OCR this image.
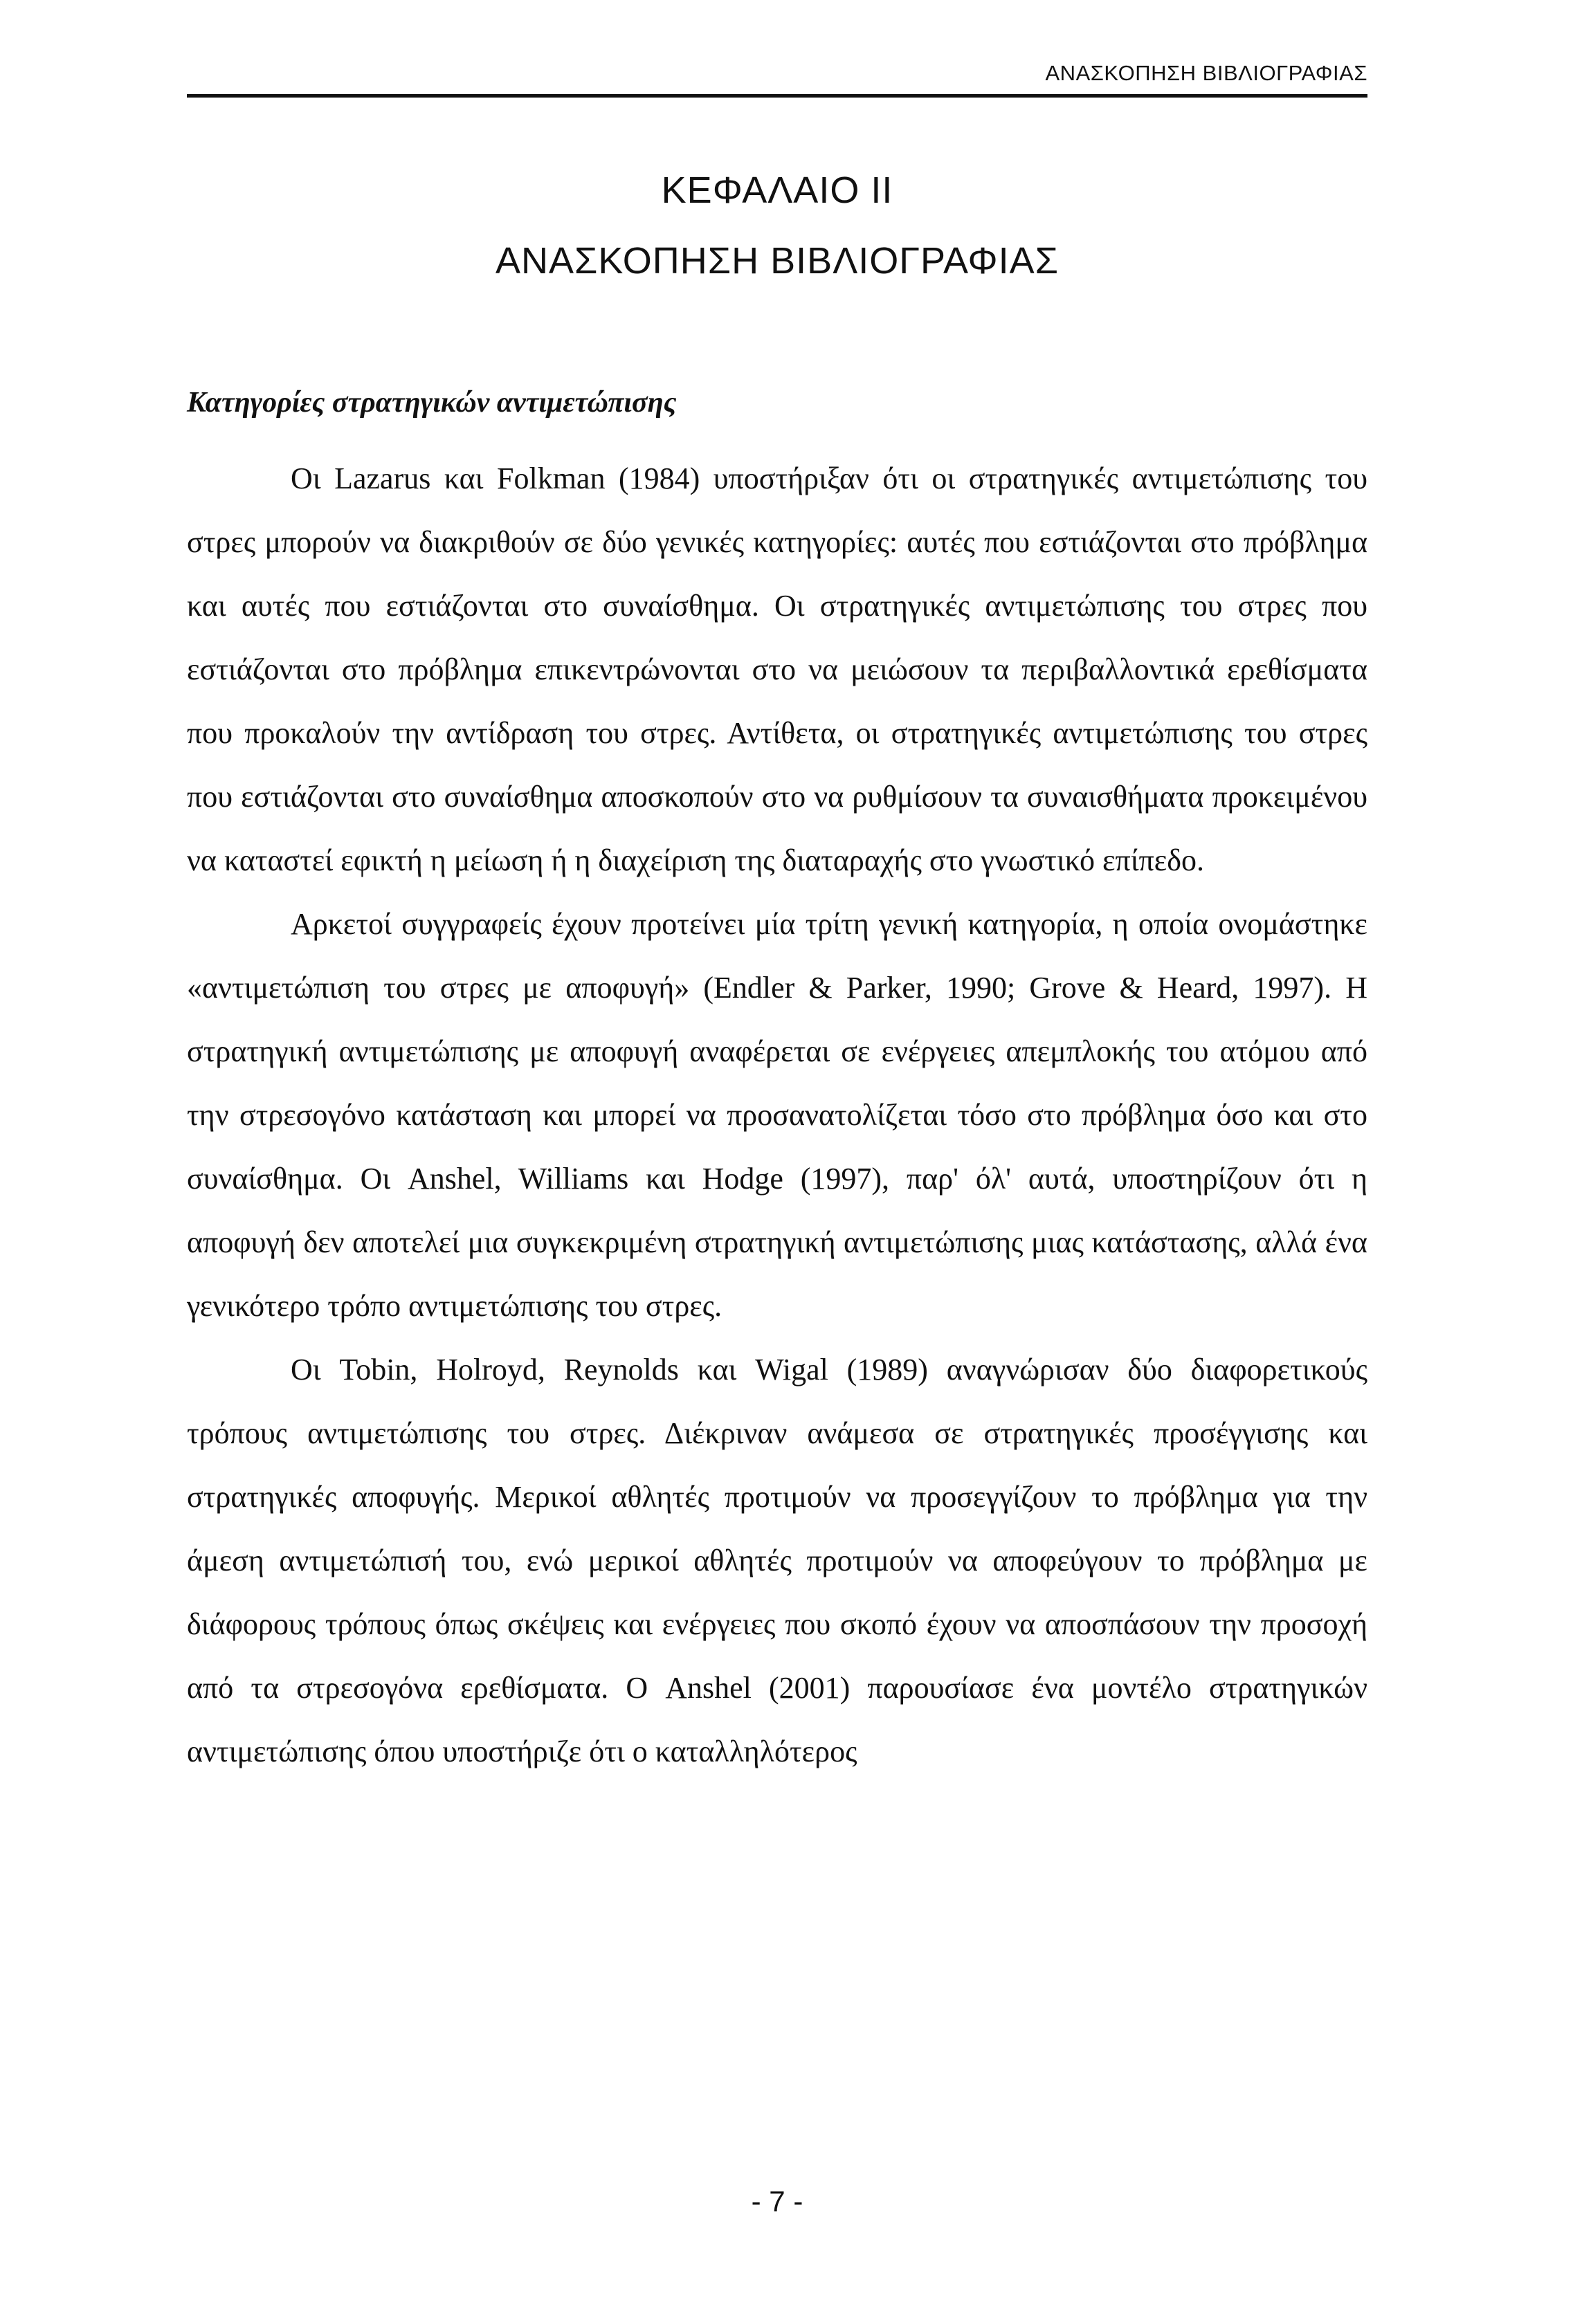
ΑΝΑΣΚΟΠΗΣΗ ΒΙΒΛΙΟΓΡΑΦΙΑΣ
ΚΕΦΑΛΑΙΟ ΙΙ
ΑΝΑΣΚΟΠΗΣΗ ΒΙΒΛΙΟΓΡΑΦΙΑΣ
Κατηγορίες στρατηγικών αντιμετώπισης

Οι Lazarus και Folkman (1984) υποστήριξαν ότι οι στρατηγικές αντιμετώπισης του στρες μπορούν να διακριθούν σε δύο γενικές κατηγορίες: αυτές που εστιάζονται στο πρόβλημα και αυτές που εστιάζονται στο συναίσθημα. Οι στρατηγικές αντιμετώπισης του στρες που εστιάζονται στο πρόβλημα επικεντρώνονται στο να μειώσουν τα περιβαλλοντικά ερεθίσματα που προκαλούν την αντίδραση του στρες. Αντίθετα, οι στρατηγικές αντιμετώπισης του στρες που εστιάζονται στο συναίσθημα αποσκοπούν στο να ρυθμίσουν τα συναισθήματα προκειμένου να καταστεί εφικτή η μείωση ή η διαχείριση της διαταραχής στο γνωστικό επίπεδο.

Αρκετοί συγγραφείς έχουν προτείνει μία τρίτη γενική κατηγορία, η οποία ονομάστηκε «αντιμετώπιση του στρες με αποφυγή» (Endler & Parker, 1990; Grove & Heard, 1997). Η στρατηγική αντιμετώπισης με αποφυγή αναφέρεται σε ενέργειες απεμπλοκής του ατόμου από την στρεσογόνο κατάσταση και μπορεί να προσανατολίζεται τόσο στο πρόβλημα όσο και στο συναίσθημα. Οι Anshel, Williams και Hodge (1997), παρ' όλ' αυτά, υποστηρίζουν ότι η αποφυγή δεν αποτελεί μια συγκεκριμένη στρατηγική αντιμετώπισης μιας κατάστασης, αλλά ένα γενικότερο τρόπο αντιμετώπισης του στρες.

Οι Tobin, Holroyd, Reynolds και Wigal (1989) αναγνώρισαν δύο διαφορετικούς τρόπους αντιμετώπισης του στρες. Διέκριναν ανάμεσα σε στρατηγικές προσέγγισης και στρατηγικές αποφυγής. Μερικοί αθλητές προτιμούν να προσεγγίζουν το πρόβλημα για την άμεση αντιμετώπισή του, ενώ μερικοί αθλητές προτιμούν να αποφεύγουν το πρόβλημα με διάφορους τρόπους όπως σκέψεις και ενέργειες που σκοπό έχουν να αποσπάσουν την προσοχή από τα στρεσογόνα ερεθίσματα. Ο Anshel (2001) παρουσίασε ένα μοντέλο στρατηγικών αντιμετώπισης όπου υποστήριζε ότι ο καταλληλότερος

- 7 -
